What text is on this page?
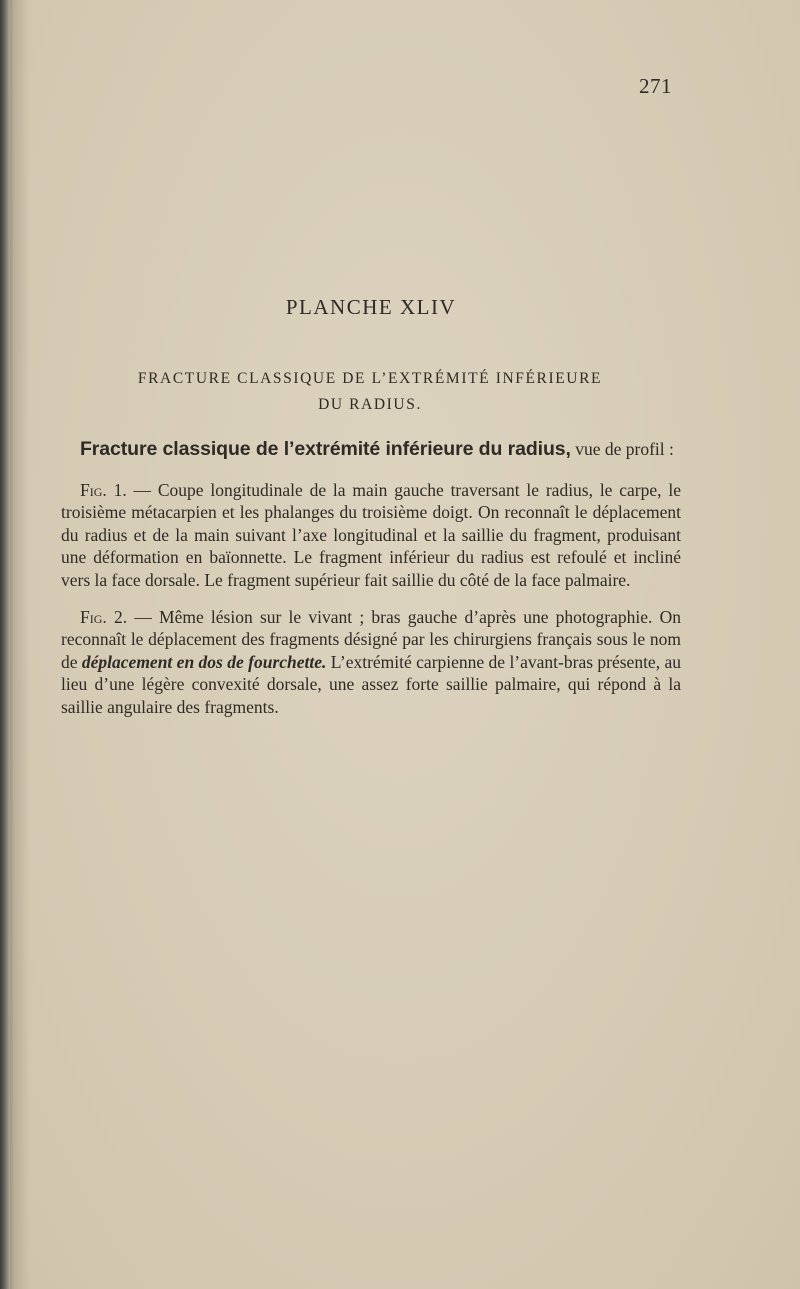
271
PLANCHE XLIV
FRACTURE CLASSIQUE DE L’EXTRÉMITÉ INFÉRIEURE
DU RADIUS.

Fracture classique de l’extrémité inférieure du radius, vue de profil :

Fig. 1. — Coupe longitudinale de la main gauche traversant le radius, le carpe, le troisième métacarpien et les phalanges du troisième doigt. On reconnaît le déplacement du radius et de la main suivant l’axe longitudinal et la saillie du fragment, produisant une déformation en baïonnette. Le fragment inférieur du radius est refoulé et incliné vers la face dorsale. Le fragment supérieur fait saillie du côté de la face palmaire.

Fig. 2. — Même lésion sur le vivant ; bras gauche d’après une photographie. On reconnaît le déplacement des fragments désigné par les chirurgiens français sous le nom de déplacement en dos de fourchette. L’extrémité carpienne de l’avant-bras présente, au lieu d’une légère convexité dorsale, une assez forte saillie palmaire, qui répond à la saillie angulaire des fragments.
